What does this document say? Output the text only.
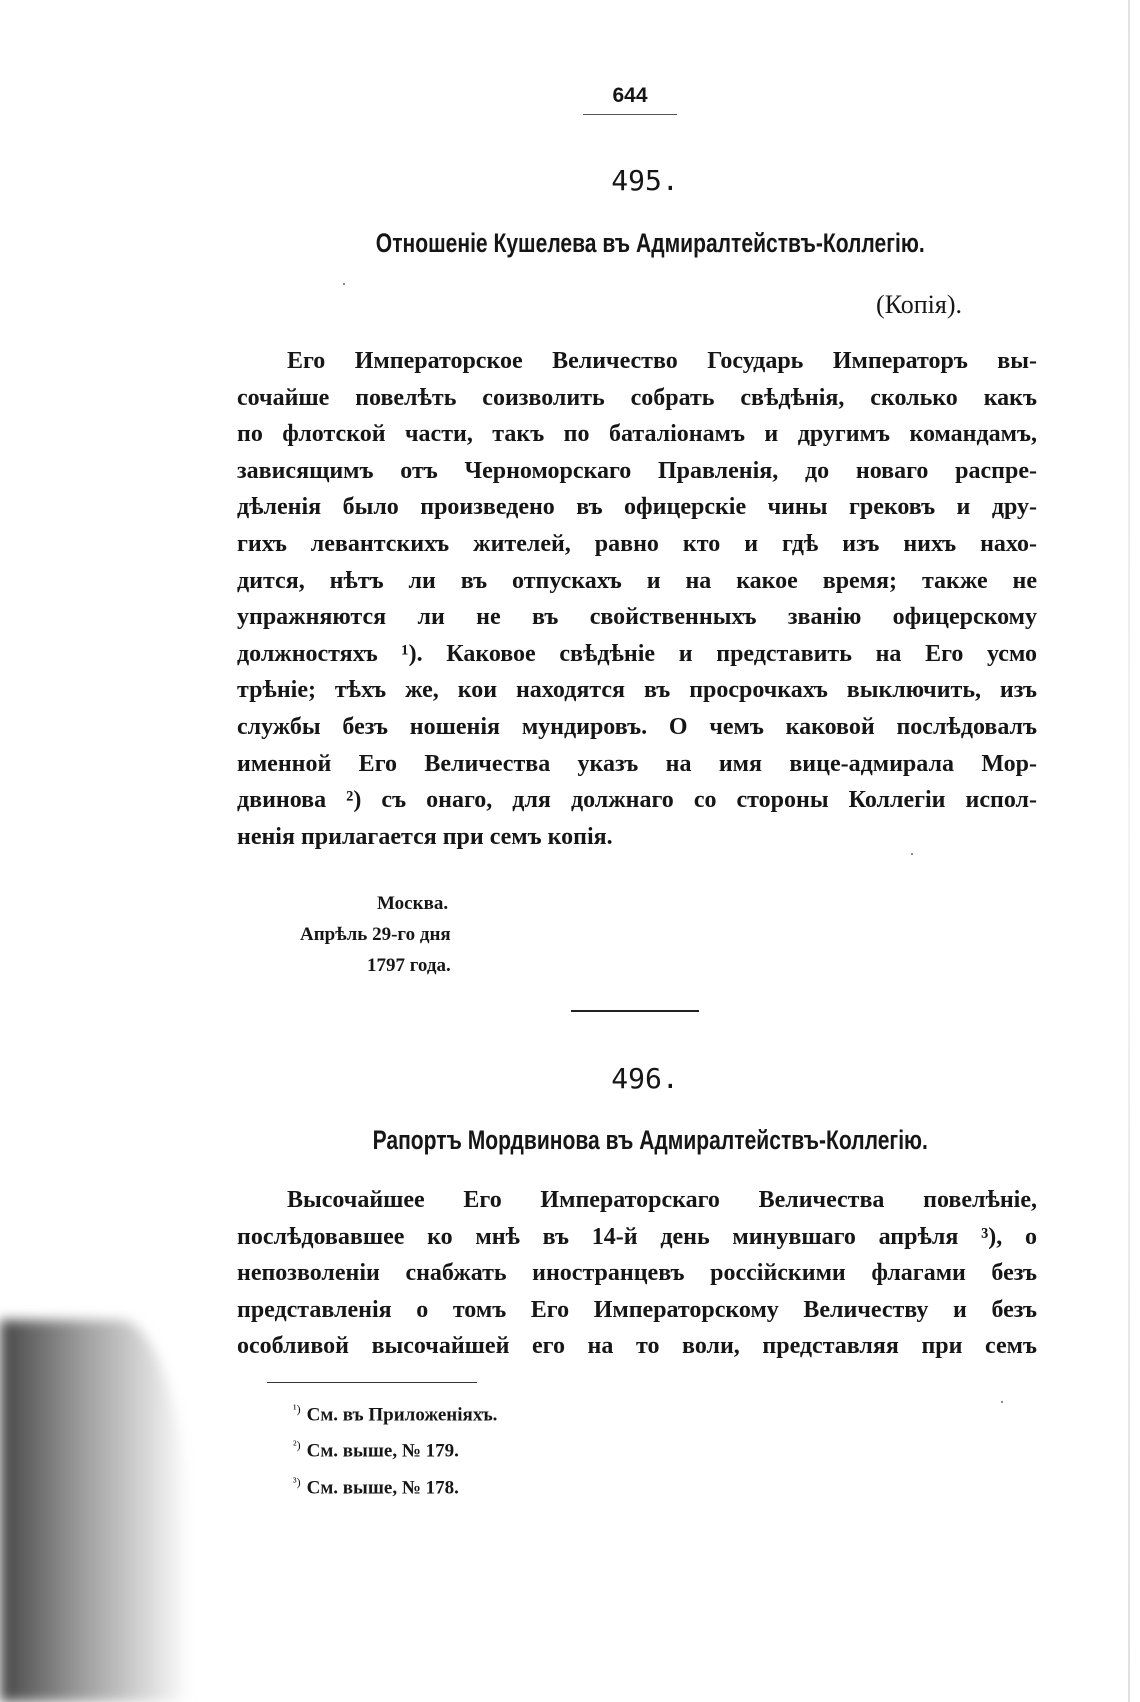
644
495.
Отношеніе Кушелева въ Адмиралтействъ-Коллегію.
(Копія).
Его Императорское Величество Государь Императоръ вы-
сочайше повелѣть соизволить собрать свѣдѣнія, сколько какъ
по флотской части, такъ по баталіонамъ и другимъ командамъ,
зависящимъ отъ Черноморскаго Правленія, до новаго распре-
дѣленія было произведено въ офицерскіе чины грековъ и дру-
гихъ левантскихъ жителей, равно кто и гдѣ изъ нихъ нахо-
дится, нѣтъ ли въ отпускахъ и на какое время; также не
упражняются ли не въ свойственныхъ званію офицерскому
должностяхъ ¹). Каковое свѣдѣніе и представить на Его усмо
трѣніе; тѣхъ же, кои находятся въ просрочкахъ выключить, изъ
службы безъ ношенія мундировъ. О чемъ каковой послѣдовалъ
именной Его Величества указъ на имя вице-адмирала Мор-
двинова ²) съ онаго, для должнаго со стороны Коллегіи испол-
ненія прилагается при семъ копія.
Москва.
Апрѣль 29-го дня
1797 года.
496.
Рапортъ Мордвинова въ Адмиралтействъ-Коллегію.
Высочайшее Его Императорскаго Величества повелѣніе,
послѣдовавшее ко мнѣ въ 14-й день минувшаго апрѣля ³), о
непозволеніи снабжать иностранцевъ россійскими флагами безъ
представленія о томъ Его Императорскому Величеству и безъ
особливой высочайшей его на то воли, представляя при семъ
$^{^1)}$ См. въ Приложеніяхъ.
$^{^2)}$ См. выше, № 179.
$^{^3)}$ См. выше, № 178.
